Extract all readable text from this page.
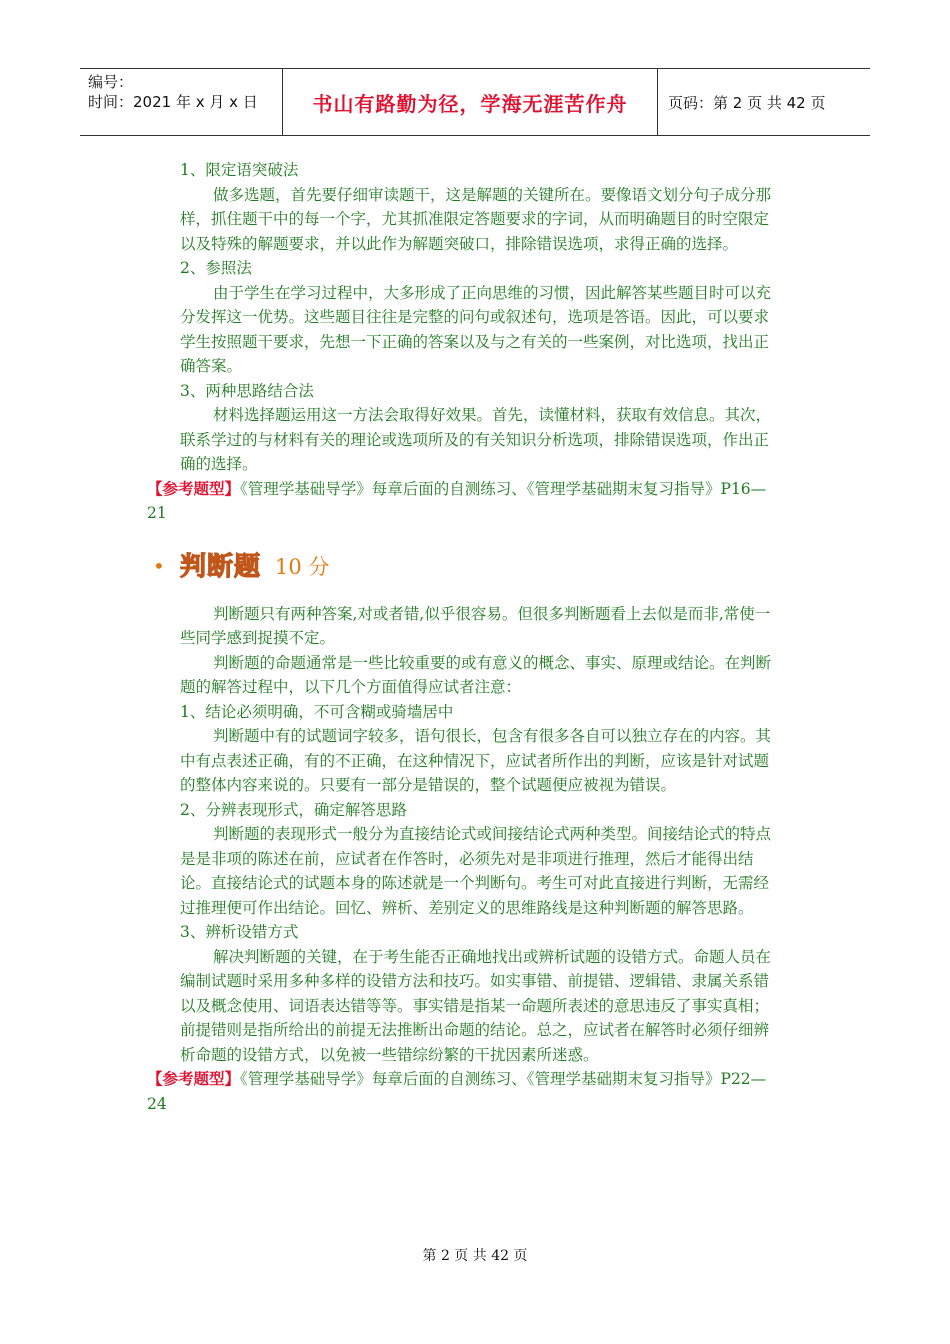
编号：
时间：2021 年 x 月 x 日	书山有路勤为径，学海无涯苦作舟	页码：第 2 页 共 42 页

1、限定语突破法

做多选题，首先要仔细审读题干，这是解题的关键所在。要像语文划分句子成分那样，抓住题干中的每一个字，尤其抓准限定答题要求的字词，从而明确题目的时空限定以及特殊的解题要求，并以此作为解题突破口，排除错误选项，求得正确的选择。

2、参照法

由于学生在学习过程中，大多形成了正向思维的习惯，因此解答某些题目时可以充分发挥这一优势。这些题目往往是完整的问句或叙述句，选项是答语。因此，可以要求学生按照题干要求，先想一下正确的答案以及与之有关的一些案例，对比选项，找出正确答案。

3、两种思路结合法

材料选择题运用这一方法会取得好效果。首先，读懂材料，获取有效信息。其次，联系学过的与材料有关的理论或选项所及的有关知识分析选项，排除错误选项，作出正确的选择。

【参考题型】《管理学基础导学》每章后面的自测练习、《管理学基础期末复习指导》P16—21

• 判断题 10 分

判断题只有两种答案,对或者错,似乎很容易。但很多判断题看上去似是而非,常使一些同学感到捉摸不定。

判断题的命题通常是一些比较重要的或有意义的概念、事实、原理或结论。在判断题的解答过程中，以下几个方面值得应试者注意：

1、结论必须明确，不可含糊或骑墙居中

判断题中有的试题词字较多，语句很长，包含有很多各自可以独立存在的内容。其中有点表述正确，有的不正确，在这种情况下，应试者所作出的判断，应该是针对试题的整体内容来说的。只要有一部分是错误的，整个试题便应被视为错误。

2、分辨表现形式，确定解答思路

判断题的表现形式一般分为直接结论式或间接结论式两种类型。间接结论式的特点是是非项的陈述在前，应试者在作答时，必须先对是非项进行推理，然后才能得出结论。直接结论式的试题本身的陈述就是一个判断句。考生可对此直接进行判断，无需经过推理便可作出结论。回忆、辨析、差别定义的思维路线是这种判断题的解答思路。

3、辨析设错方式

解决判断题的关键，在于考生能否正确地找出或辨析试题的设错方式。命题人员在编制试题时采用多种多样的设错方法和技巧。如实事错、前提错、逻辑错、隶属关系错以及概念使用、词语表达错等等。事实错是指某一命题所表述的意思违反了事实真相；前提错则是指所给出的前提无法推断出命题的结论。总之，应试者在解答时必须仔细辨析命题的设错方式，以免被一些错综纷繁的干扰因素所迷惑。

【参考题型】《管理学基础导学》每章后面的自测练习、《管理学基础期末复习指导》P22—24

第 2 页 共 42 页
